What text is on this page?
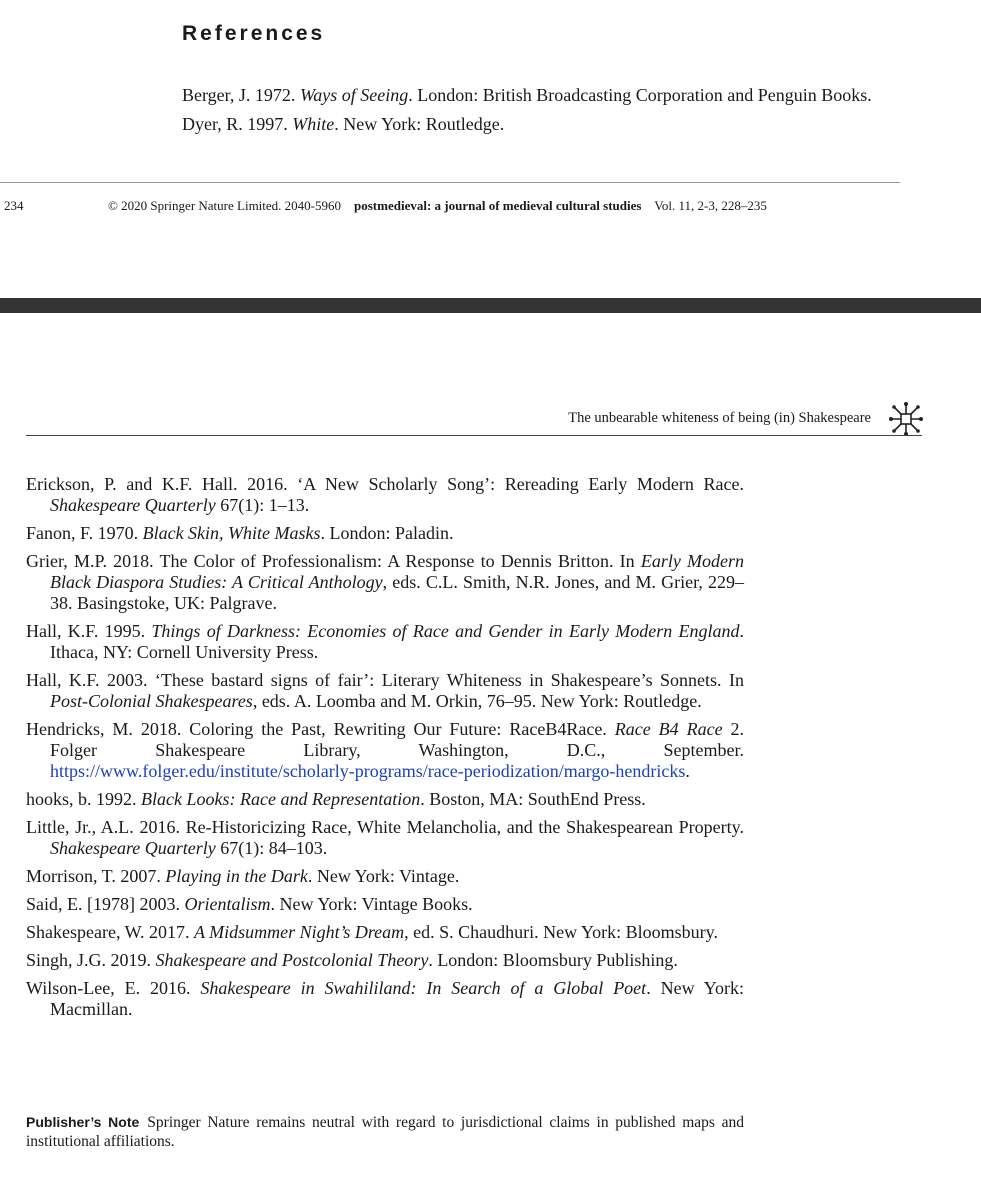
References
Berger, J. 1972. Ways of Seeing. London: British Broadcasting Corporation and Penguin Books.
Dyer, R. 1997. White. New York: Routledge.
234	© 2020 Springer Nature Limited. 2040-5960 postmedieval: a journal of medieval cultural studies Vol. 11, 2-3, 228–235
The unbearable whiteness of being (in) Shakespeare
Erickson, P. and K.F. Hall. 2016. ‘A New Scholarly Song’: Rereading Early Modern Race. Shakespeare Quarterly 67(1): 1–13.
Fanon, F. 1970. Black Skin, White Masks. London: Paladin.
Grier, M.P. 2018. The Color of Professionalism: A Response to Dennis Britton. In Early Modern Black Diaspora Studies: A Critical Anthology, eds. C.L. Smith, N.R. Jones, and M. Grier, 229–38. Basingstoke, UK: Palgrave.
Hall, K.F. 1995. Things of Darkness: Economies of Race and Gender in Early Modern England. Ithaca, NY: Cornell University Press.
Hall, K.F. 2003. ‘These bastard signs of fair’: Literary Whiteness in Shakespeare’s Sonnets. In Post-Colonial Shakespeares, eds. A. Loomba and M. Orkin, 76–95. New York: Routledge.
Hendricks, M. 2018. Coloring the Past, Rewriting Our Future: RaceB4Race. Race B4 Race 2. Folger Shakespeare Library, Washington, D.C., September. https://www.folger.edu/institute/scholarly-programs/race-periodization/margo-hendricks.
hooks, b. 1992. Black Looks: Race and Representation. Boston, MA: SouthEnd Press.
Little, Jr., A.L. 2016. Re-Historicizing Race, White Melancholia, and the Shakespearean Property. Shakespeare Quarterly 67(1): 84–103.
Morrison, T. 2007. Playing in the Dark. New York: Vintage.
Said, E. [1978] 2003. Orientalism. New York: Vintage Books.
Shakespeare, W. 2017. A Midsummer Night’s Dream, ed. S. Chaudhuri. New York: Bloomsbury.
Singh, J.G. 2019. Shakespeare and Postcolonial Theory. London: Bloomsbury Publishing.
Wilson-Lee, E. 2016. Shakespeare in Swahililand: In Search of a Global Poet. New York: Macmillan.
Publisher’s Note Springer Nature remains neutral with regard to jurisdictional claims in published maps and institutional affiliations.
